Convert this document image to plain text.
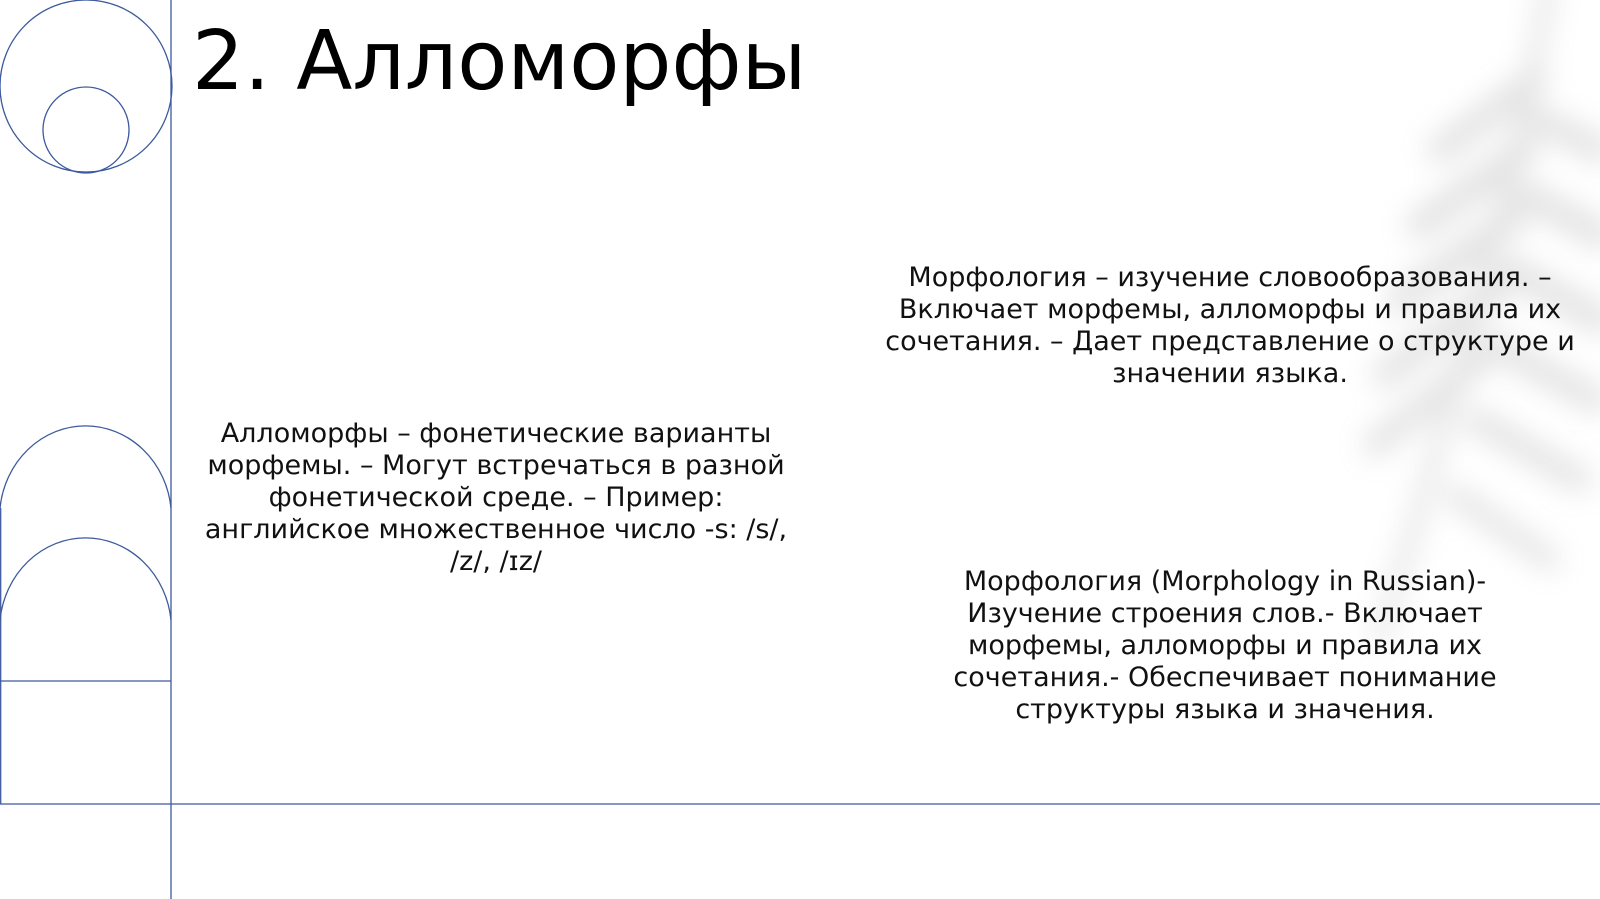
2. Алломорфы

Алломорфы – фонетические варианты морфемы. – Могут встречаться в разной фонетической среде. – Пример: английское множественное число -s: /s/, /z/, /ɪz/

Морфология – изучение словообразования. – Включает морфемы, алломорфы и правила их сочетания. – Дает представление о структуре и значении языка.

Морфология (Morphology in Russian)- Изучение строения слов.- Включает морфемы, алломорфы и правила их сочетания.- Обеспечивает понимание структуры языка и значения.
